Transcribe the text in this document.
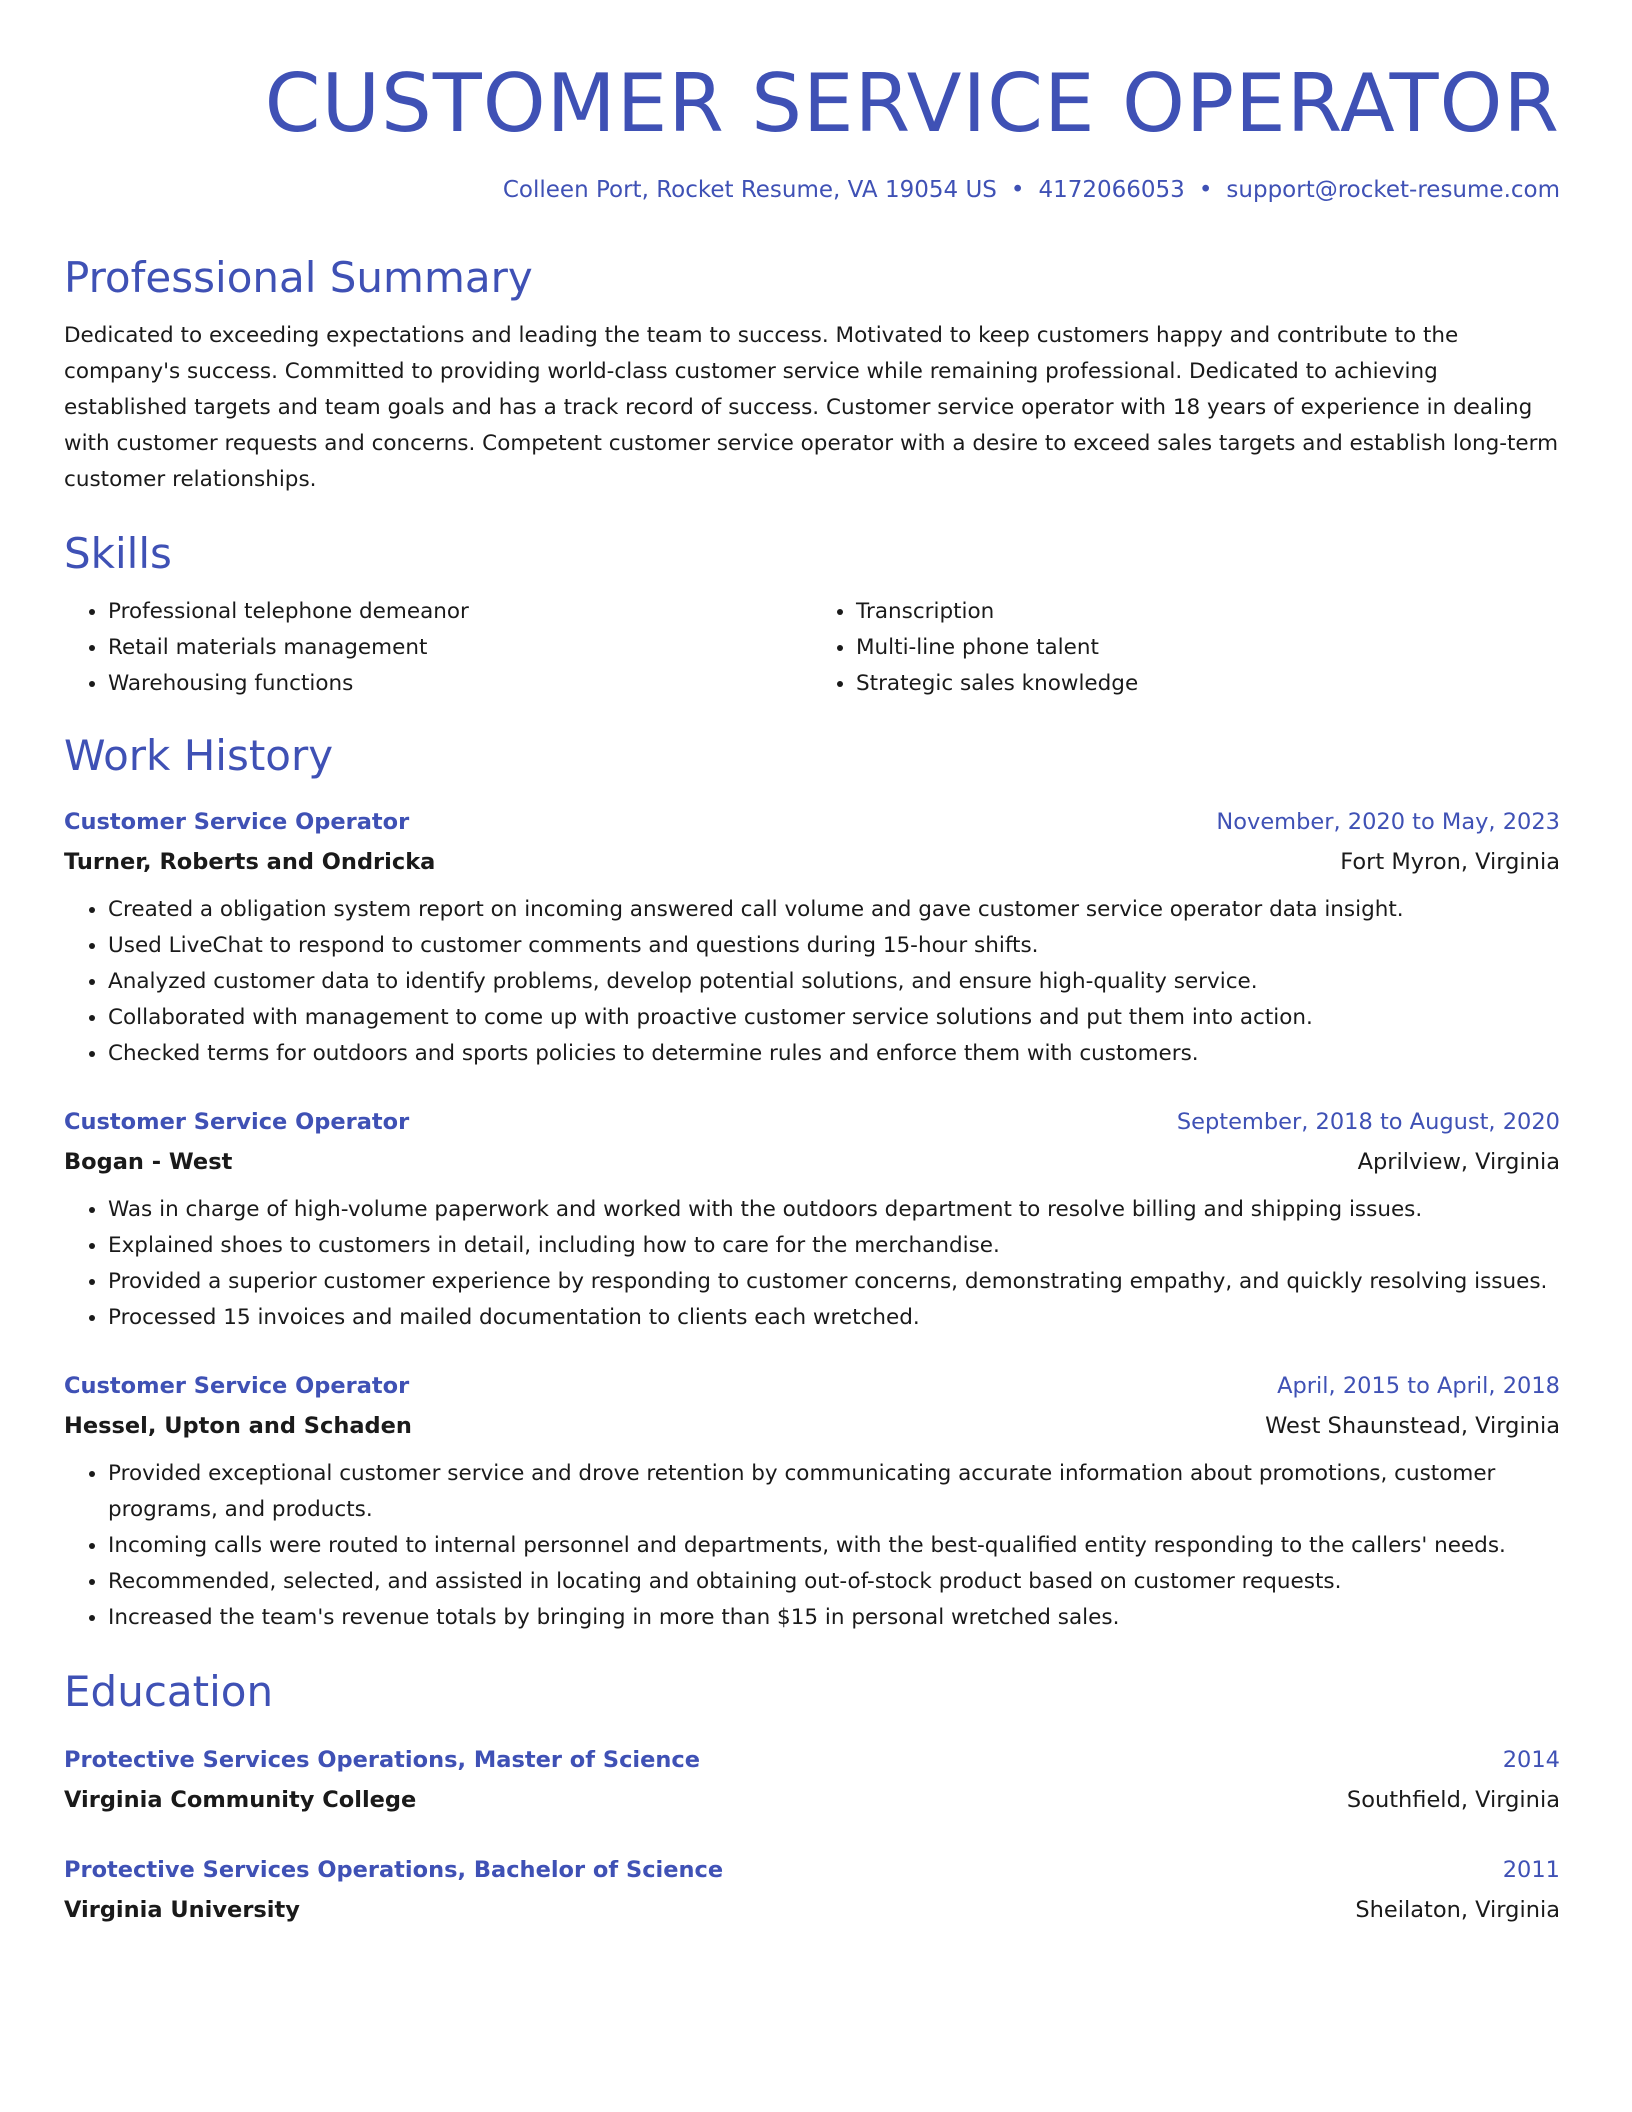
CUSTOMER SERVICE OPERATOR
Colleen Port, Rocket Resume, VA 19054 US • 4172066053 • support@rocket-resume.com
Professional Summary
Dedicated to exceeding expectations and leading the team to success. Motivated to keep customers happy and contribute to the company's success. Committed to providing world-class customer service while remaining professional. Dedicated to achieving established targets and team goals and has a track record of success. Customer service operator with 18 years of experience in dealing with customer requests and concerns. Competent customer service operator with a desire to exceed sales targets and establish long-term customer relationships.
Skills
• Professional telephone demeanor
• Retail materials management
• Warehousing functions
• Transcription
• Multi-line phone talent
• Strategic sales knowledge
Work History
Customer Service Operator	November, 2020 to May, 2023
Turner, Roberts and Ondricka	Fort Myron, Virginia
• Created a obligation system report on incoming answered call volume and gave customer service operator data insight.
• Used LiveChat to respond to customer comments and questions during 15-hour shifts.
• Analyzed customer data to identify problems, develop potential solutions, and ensure high-quality service.
• Collaborated with management to come up with proactive customer service solutions and put them into action.
• Checked terms for outdoors and sports policies to determine rules and enforce them with customers.
Customer Service Operator	September, 2018 to August, 2020
Bogan - West	Aprilview, Virginia
• Was in charge of high-volume paperwork and worked with the outdoors department to resolve billing and shipping issues.
• Explained shoes to customers in detail, including how to care for the merchandise.
• Provided a superior customer experience by responding to customer concerns, demonstrating empathy, and quickly resolving issues.
• Processed 15 invoices and mailed documentation to clients each wretched.
Customer Service Operator	April, 2015 to April, 2018
Hessel, Upton and Schaden	West Shaunstead, Virginia
• Provided exceptional customer service and drove retention by communicating accurate information about promotions, customer programs, and products.
• Incoming calls were routed to internal personnel and departments, with the best-qualified entity responding to the callers' needs.
• Recommended, selected, and assisted in locating and obtaining out-of-stock product based on customer requests.
• Increased the team's revenue totals by bringing in more than $15 in personal wretched sales.
Education
Protective Services Operations, Master of Science	2014
Virginia Community College	Southfield, Virginia
Protective Services Operations, Bachelor of Science	2011
Virginia University	Sheilaton, Virginia
